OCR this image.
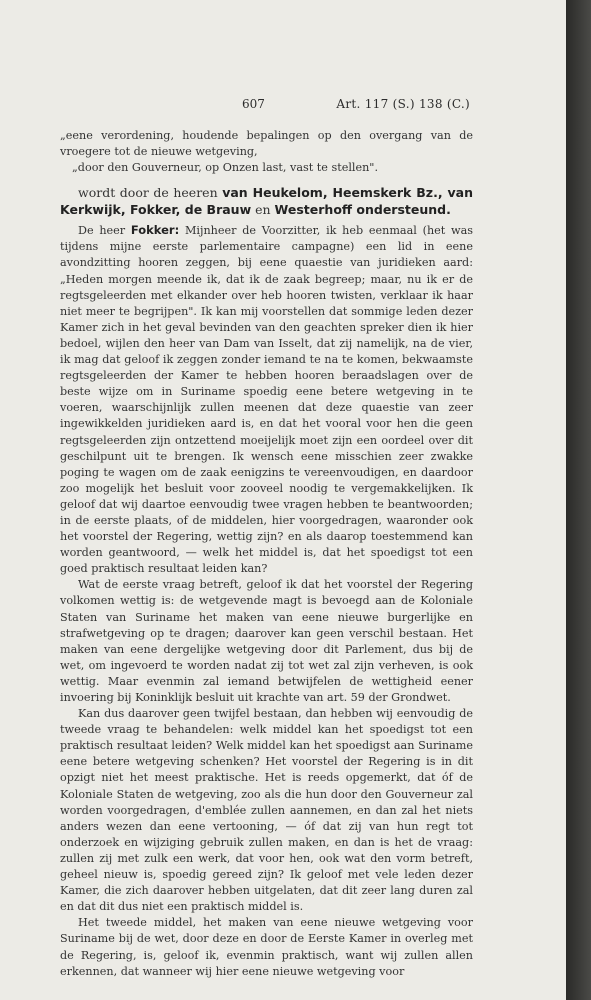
607	Art. 117 (S.) 138 (C.)

„eene verordening, houdende bepalingen op den overgang van de vroegere tot de nieuwe wetgeving,

„door den Gouverneur, op Onzen last, vast te stellen".

wordt door de heeren van Heukelom, Heemskerk Bz., van Kerkwijk, Fokker, de Brauw en Westerhoff ondersteund.

De heer Fokker: Mijnheer de Voorzitter, ik heb eenmaal (het was tijdens mijne eerste parlementaire campagne) een lid in eene avondzitting hooren zeggen, bij eene quaestie van juridieken aard: „Heden morgen meende ik, dat ik de zaak begreep; maar, nu ik er de regtsgeleerden met elkander over heb hooren twisten, verklaar ik haar niet meer te begrijpen". Ik kan mij voorstellen dat sommige leden dezer Kamer zich in het geval bevinden van den geachten spreker dien ik hier bedoel, wijlen den heer van Dam van Isselt, dat zij namelijk, na de vier, ik mag dat geloof ik zeggen zonder iemand te na te komen, bekwaamste regtsgeleerden der Kamer te hebben hooren beraadslagen over de beste wijze om in Suriname spoedig eene betere wetgeving in te voeren, waarschijnlijk zullen meenen dat deze quaestie van zeer ingewikkelden juridieken aard is, en dat het vooral voor hen die geen regtsgeleerden zijn ontzettend moeijelijk moet zijn een oordeel over dit geschilpunt uit te brengen. Ik wensch eene misschien zeer zwakke poging te wagen om de zaak eenigzins te vereenvoudigen, en daardoor zoo mogelijk het besluit voor zooveel noodig te vergemakkelijken. Ik geloof dat wij daartoe eenvoudig twee vragen hebben te beantwoorden; in de eerste plaats, of de middelen, hier voorgedragen, waaronder ook het voorstel der Regering, wettig zijn? en als daarop toestemmend kan worden geantwoord, — welk het middel is, dat het spoedigst tot een goed praktisch resultaat leiden kan?

Wat de eerste vraag betreft, geloof ik dat het voorstel der Regering volkomen wettig is: de wetgevende magt is bevoegd aan de Koloniale Staten van Suriname het maken van eene nieuwe burgerlijke en strafwetgeving op te dragen; daarover kan geen verschil bestaan. Het maken van eene dergelijke wetgeving door dit Parlement, dus bij de wet, om ingevoerd te worden nadat zij tot wet zal zijn verheven, is ook wettig. Maar evenmin zal iemand betwijfelen de wettigheid eener invoering bij Koninklijk besluit uit krachte van art. 59 der Grondwet.

Kan dus daarover geen twijfel bestaan, dan hebben wij eenvoudig de tweede vraag te behandelen: welk middel kan het spoedigst tot een praktisch resultaat leiden? Welk middel kan het spoedigst aan Suriname eene betere wetgeving schenken? Het voorstel der Regering is in dit opzigt niet het meest praktische. Het is reeds opgemerkt, dat óf de Koloniale Staten de wetgeving, zoo als die hun door den Gouverneur zal worden voorgedragen, d'emblée zullen aannemen, en dan zal het niets anders wezen dan eene vertooning, — óf dat zij van hun regt tot onderzoek en wijziging gebruik zullen maken, en dan is het de vraag: zullen zij met zulk een werk, dat voor hen, ook wat den vorm betreft, geheel nieuw is, spoedig gereed zijn? Ik geloof met vele leden dezer Kamer, die zich daarover hebben uitgelaten, dat dit zeer lang duren zal en dat dit dus niet een praktisch middel is.

Het tweede middel, het maken van eene nieuwe wetgeving voor Suriname bij de wet, door deze en door de Eerste Kamer in overleg met de Regering, is, geloof ik, evenmin praktisch, want wij zullen allen erkennen, dat wanneer wij hier eene nieuwe wetgeving voor
